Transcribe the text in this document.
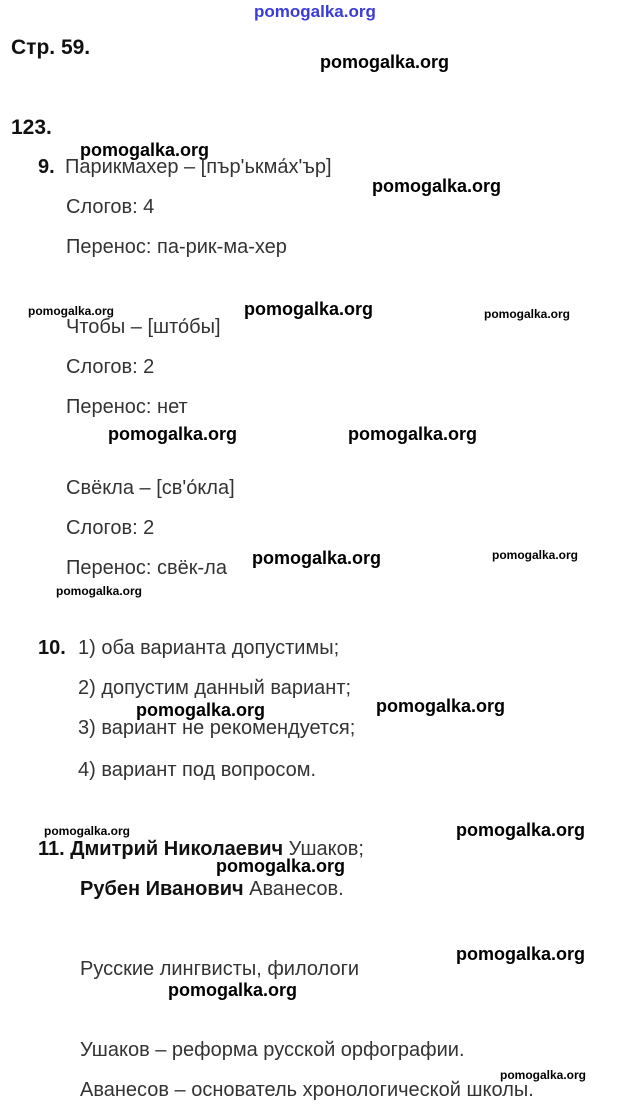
pomogalka.org
pomogalka.org
pomogalka.org
pomogalka.org
pomogalka.org	pomogalka.org	pomogalka.org
pomogalka.org	pomogalka.org
pomogalka.org	pomogalka.org
pomogalka.org
pomogalka.org	pomogalka.org
pomogalka.org	pomogalka.org
pomogalka.org
pomogalka.org
pomogalka.org
pomogalka.org
Стр. 59.
123.
9. Парикмахер – [пър'ькма́х'ър]
Слогов: 4
Перенос: па-рик-ма-хер
Чтобы – [што́бы]
Слогов: 2
Перенос: нет
Свёкла – [св'о́кла]
Слогов: 2
Перенос: свёк-ла
10. 1) оба варианта допустимы;
2) допустим данный вариант;
3) вариант не рекомендуется;
4) вариант под вопросом.
11. Дмитрий Николаевич Ушаков;
Рубен Иванович Аванесов.
Русские лингвисты, филологи
Ушаков – реформа русской орфографии.
Аванесов – основатель хронологической школы.
